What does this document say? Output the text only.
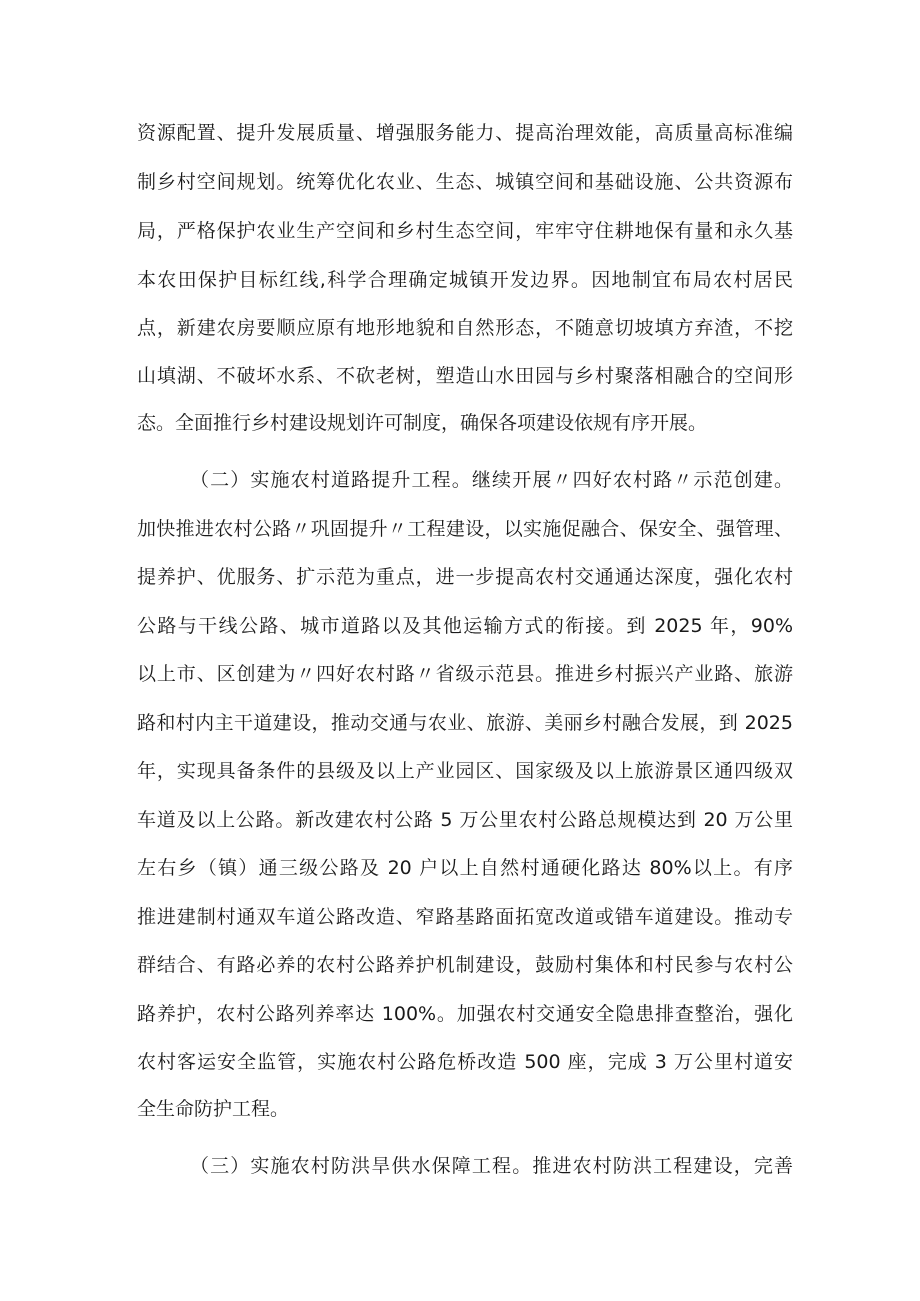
资源配置、提升发展质量、增强服务能力、提高治理效能，高质量高标准编
制乡村空间规划。统筹优化农业、生态、城镇空间和基础设施、公共资源布
局，严格保护农业生产空间和乡村生态空间，牢牢守住耕地保有量和永久基
本农田保护目标红线,科学合理确定城镇开发边界。因地制宜布局农村居民
点，新建农房要顺应原有地形地貌和自然形态，不随意切坡填方弃渣，不挖
山填湖、不破坏水系、不砍老树，塑造山水田园与乡村聚落相融合的空间形
态。全面推行乡村建设规划许可制度，确保各项建设依规有序开展。
（二）实施农村道路提升工程。继续开展〃四好农村路〃示范创建。
加快推进农村公路〃巩固提升〃工程建设，以实施促融合、保安全、强管理、
提养护、优服务、扩示范为重点，进一步提高农村交通通达深度，强化农村
公路与干线公路、城市道路以及其他运输方式的衔接。到 2025 年，90%
以上市、区创建为〃四好农村路〃省级示范县。推进乡村振兴产业路、旅游
路和村内主干道建设，推动交通与农业、旅游、美丽乡村融合发展，到 2025
年，实现具备条件的县级及以上产业园区、国家级及以上旅游景区通四级双
车道及以上公路。新改建农村公路 5 万公里农村公路总规模达到 20 万公里
左右乡（镇）通三级公路及 20 户以上自然村通硬化路达 80%以上。有序
推进建制村通双车道公路改造、窄路基路面拓宽改道或错车道建设。推动专
群结合、有路必养的农村公路养护机制建设，鼓励村集体和村民参与农村公
路养护，农村公路列养率达 100%。加强农村交通安全隐患排查整治，强化
农村客运安全监管，实施农村公路危桥改造 500 座，完成 3 万公里村道安
全生命防护工程。
（三）实施农村防洪旱供水保障工程。推进农村防洪工程建设，完善
